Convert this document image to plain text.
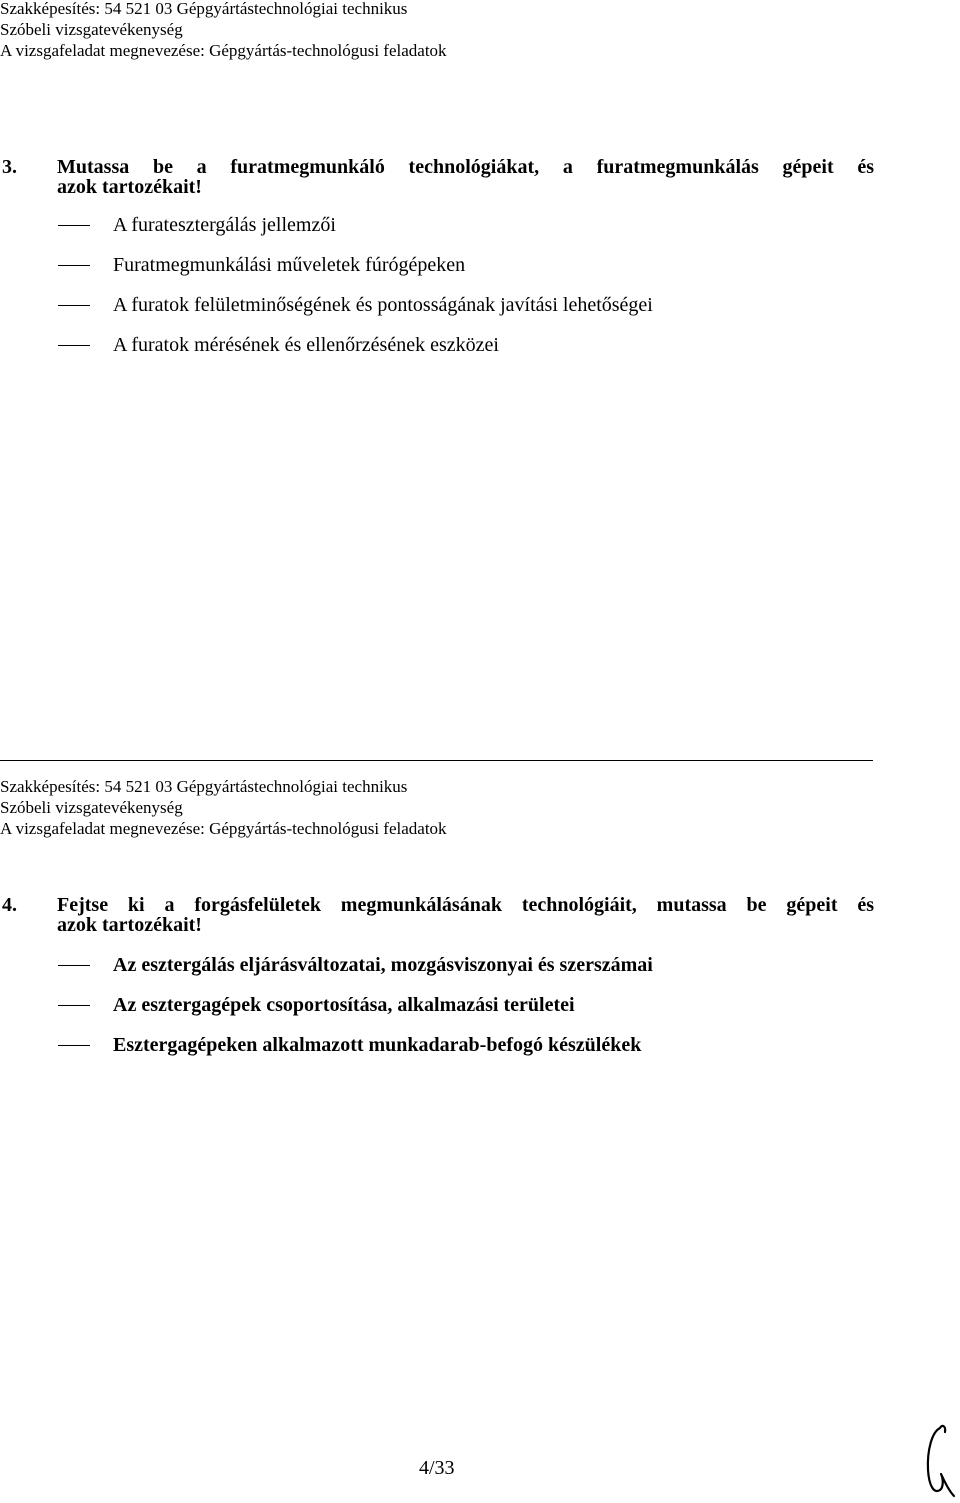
Szakképesítés: 54 521 03 Gépgyártástechnológiai technikus
Szóbeli vizsgatevékenység
A vizsgafeladat megnevezése: Gépgyártás-technológusi feladatok
3.	Mutassa be a furatmegmunkáló technológiákat, a furatmegmunkálás gépeit és
azok tartozékait!
A furatesztergálás jellemzői
Furatmegmunkálási műveletek fúrógépeken
A furatok felületminőségének és pontosságának javítási lehetőségei
A furatok mérésének és ellenőrzésének eszközei
Szakképesítés: 54 521 03 Gépgyártástechnológiai technikus
Szóbeli vizsgatevékenység
A vizsgafeladat megnevezése: Gépgyártás-technológusi feladatok
4.	Fejtse ki a forgásfelületek megmunkálásának technológiáit, mutassa be gépeit és
azok tartozékait!
Az esztergálás eljárásváltozatai, mozgásviszonyai és szerszámai
Az esztergagépek csoportosítása, alkalmazási területei
Esztergagépeken alkalmazott munkadarab-befogó készülékek
4/33
